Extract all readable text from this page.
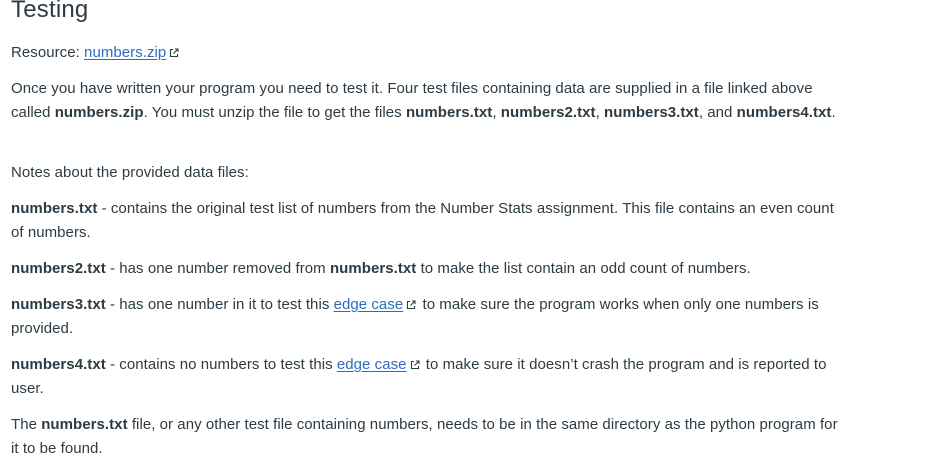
Testing

Resource: numbers.zip

Once you have written your program you need to test it. Four test files containing data are supplied in a file linked above called numbers.zip. You must unzip the file to get the files numbers.txt, numbers2.txt, numbers3.txt, and numbers4.txt.

Notes about the provided data files:

numbers.txt - contains the original test list of numbers from the Number Stats assignment. This file contains an even count of numbers.

numbers2.txt - has one number removed from numbers.txt to make the list contain an odd count of numbers.

numbers3.txt - has one number in it to test this edge case
to make sure the program works when only one numbers is provided.

numbers4.txt - contains no numbers to test this edge case
to make sure it doesn’t crash the program and is reported to user.

The numbers.txt file, or any other test file containing numbers, needs to be in the same directory as the python program for it to be found.
